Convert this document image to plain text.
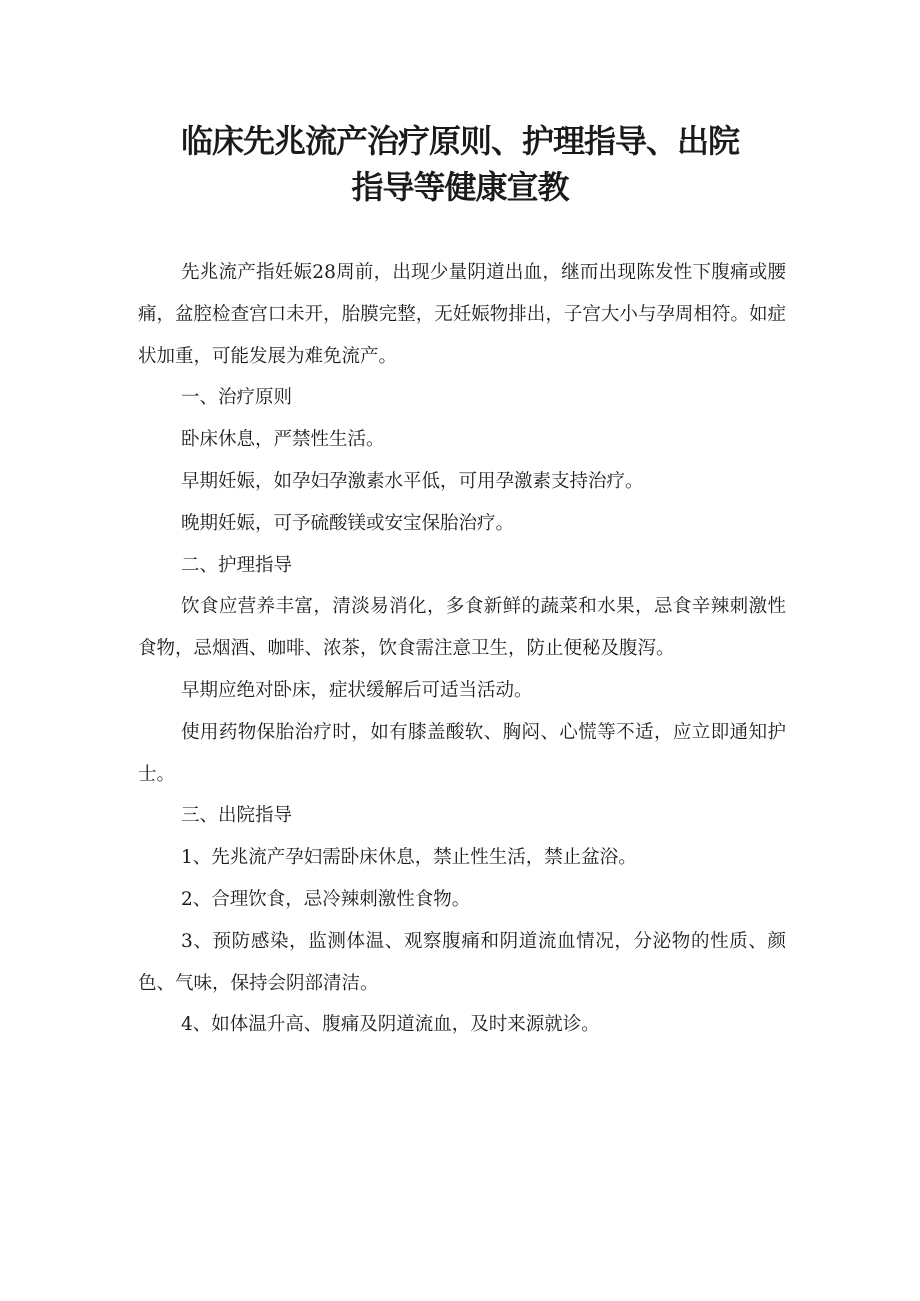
临床先兆流产治疗原则、护理指导、出院
指导等健康宣教

先兆流产指妊娠28周前，出现少量阴道出血，继而出现陈发性下腹痛或腰痛，盆腔检查宫口未开，胎膜完整，无妊娠物排出，子宫大小与孕周相符。如症状加重，可能发展为难免流产。

一、治疗原则

卧床休息，严禁性生活。

早期妊娠，如孕妇孕激素水平低，可用孕激素支持治疗。

晚期妊娠，可予硫酸镁或安宝保胎治疗。

二、护理指导

饮食应营养丰富，清淡易消化，多食新鲜的蔬菜和水果，忌食辛辣刺激性食物，忌烟酒、咖啡、浓茶，饮食需注意卫生，防止便秘及腹泻。

早期应绝对卧床，症状缓解后可适当活动。

使用药物保胎治疗时，如有膝盖酸软、胸闷、心慌等不适，应立即通知护士。

三、出院指导

1、先兆流产孕妇需卧床休息，禁止性生活，禁止盆浴。

2、合理饮食，忌冷辣刺激性食物。

3、预防感染，监测体温、观察腹痛和阴道流血情况，分泌物的性质、颜色、气味，保持会阴部清洁。

4、如体温升高、腹痛及阴道流血，及时来源就诊。
